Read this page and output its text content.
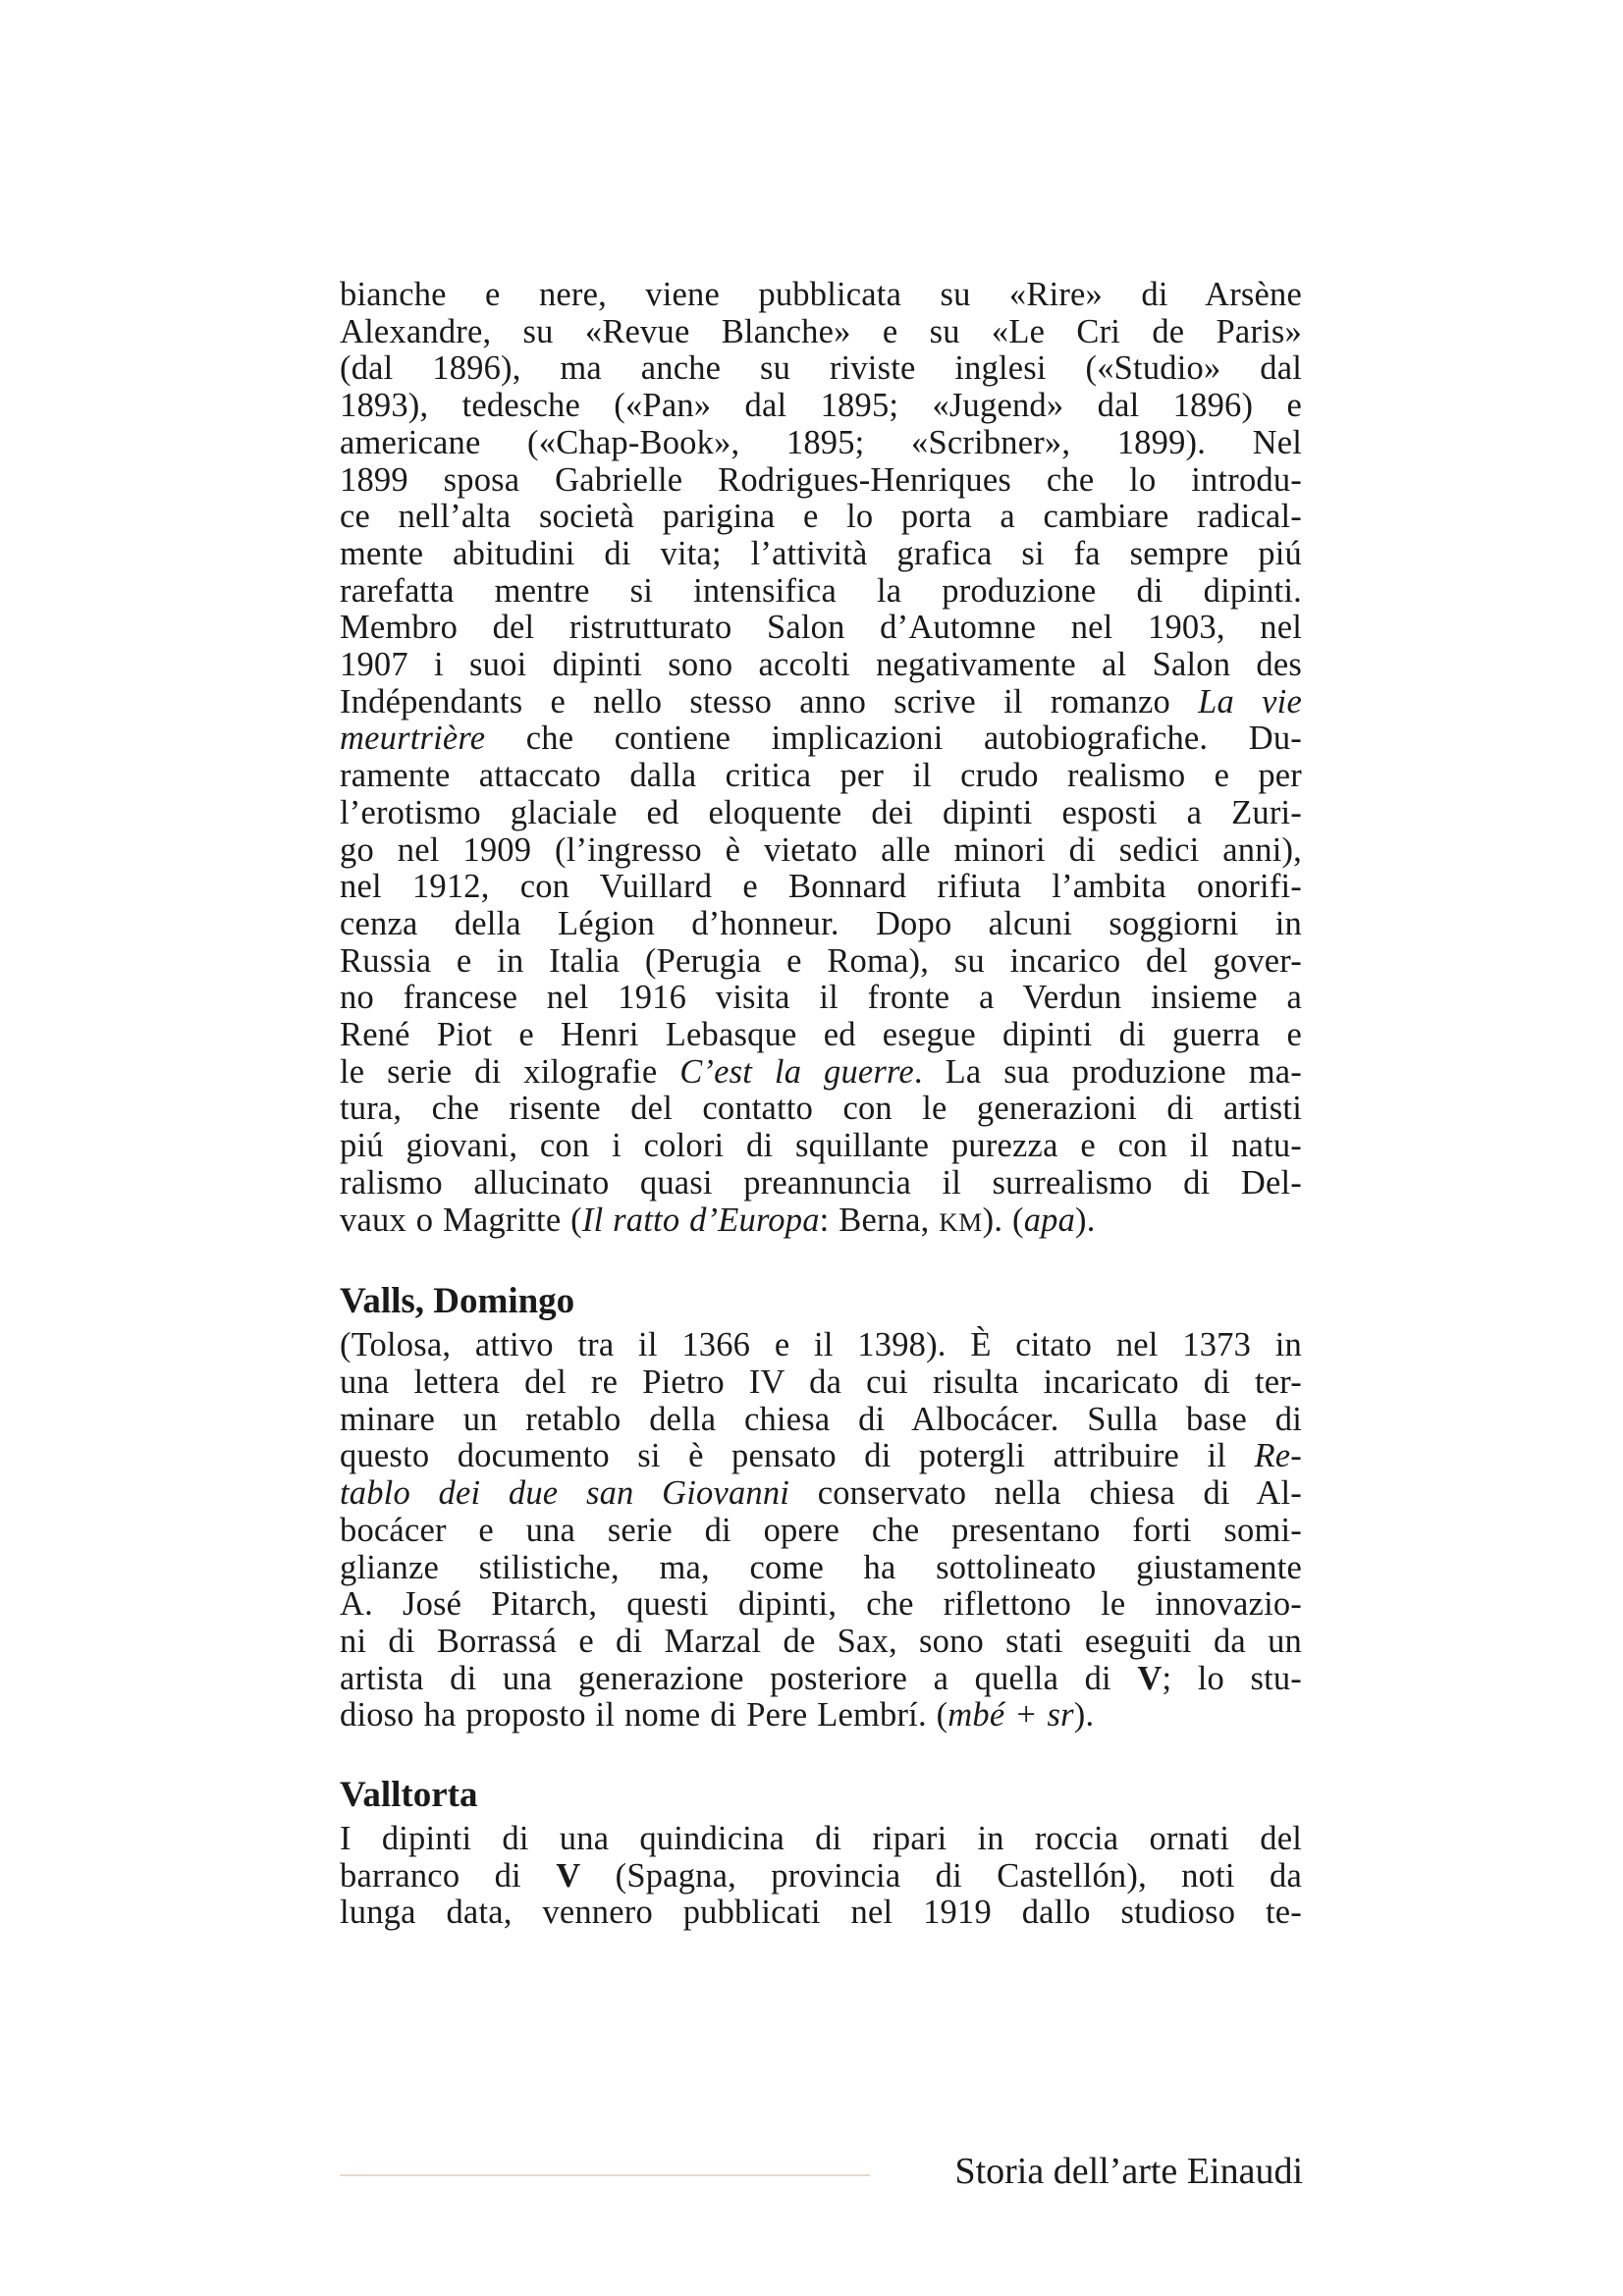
bianche e nere, viene pubblicata su «Rire» di Arsène
Alexandre, su «Revue Blanche» e su «Le Cri de Paris»
(dal 1896), ma anche su riviste inglesi («Studio» dal
1893), tedesche («Pan» dal 1895; «Jugend» dal 1896) e
americane («Chap-Book», 1895; «Scribner», 1899). Nel
1899 sposa Gabrielle Rodrigues-Henriques che lo introdu-
ce nell’alta società parigina e lo porta a cambiare radical-
mente abitudini di vita; l’attività grafica si fa sempre piú
rarefatta mentre si intensifica la produzione di dipinti.
Membro del ristrutturato Salon d’Automne nel 1903, nel
1907 i suoi dipinti sono accolti negativamente al Salon des
Indépendants e nello stesso anno scrive il romanzo La vie
meurtrière che contiene implicazioni autobiografiche. Du-
ramente attaccato dalla critica per il crudo realismo e per
l’erotismo glaciale ed eloquente dei dipinti esposti a Zuri-
go nel 1909 (l’ingresso è vietato alle minori di sedici anni),
nel 1912, con Vuillard e Bonnard rifiuta l’ambita onorifi-
cenza della Légion d’honneur. Dopo alcuni soggiorni in
Russia e in Italia (Perugia e Roma), su incarico del gover-
no francese nel 1916 visita il fronte a Verdun insieme a
René Piot e Henri Lebasque ed esegue dipinti di guerra e
le serie di xilografie C’est la guerre. La sua produzione ma-
tura, che risente del contatto con le generazioni di artisti
piú giovani, con i colori di squillante purezza e con il natu-
ralismo allucinato quasi preannuncia il surrealismo di Del-
vaux o Magritte (Il ratto d’Europa: Berna, KM). (apa).

Valls, Domingo

(Tolosa, attivo tra il 1366 e il 1398). È citato nel 1373 in
una lettera del re Pietro IV da cui risulta incaricato di ter-
minare un retablo della chiesa di Albocácer. Sulla base di
questo documento si è pensato di potergli attribuire il Re-
tablo dei due san Giovanni conservato nella chiesa di Al-
bocácer e una serie di opere che presentano forti somi-
glianze stilistiche, ma, come ha sottolineato giustamente
A. José Pitarch, questi dipinti, che riflettono le innovazio-
ni di Borrassá e di Marzal de Sax, sono stati eseguiti da un
artista di una generazione posteriore a quella di V; lo stu-
dioso ha proposto il nome di Pere Lembrí. (mbé + sr).

Valltorta

I dipinti di una quindicina di ripari in roccia ornati del
barranco di V (Spagna, provincia di Castellón), noti da
lunga data, vennero pubblicati nel 1919 dallo studioso te-

Storia dell’arte Einaudi
